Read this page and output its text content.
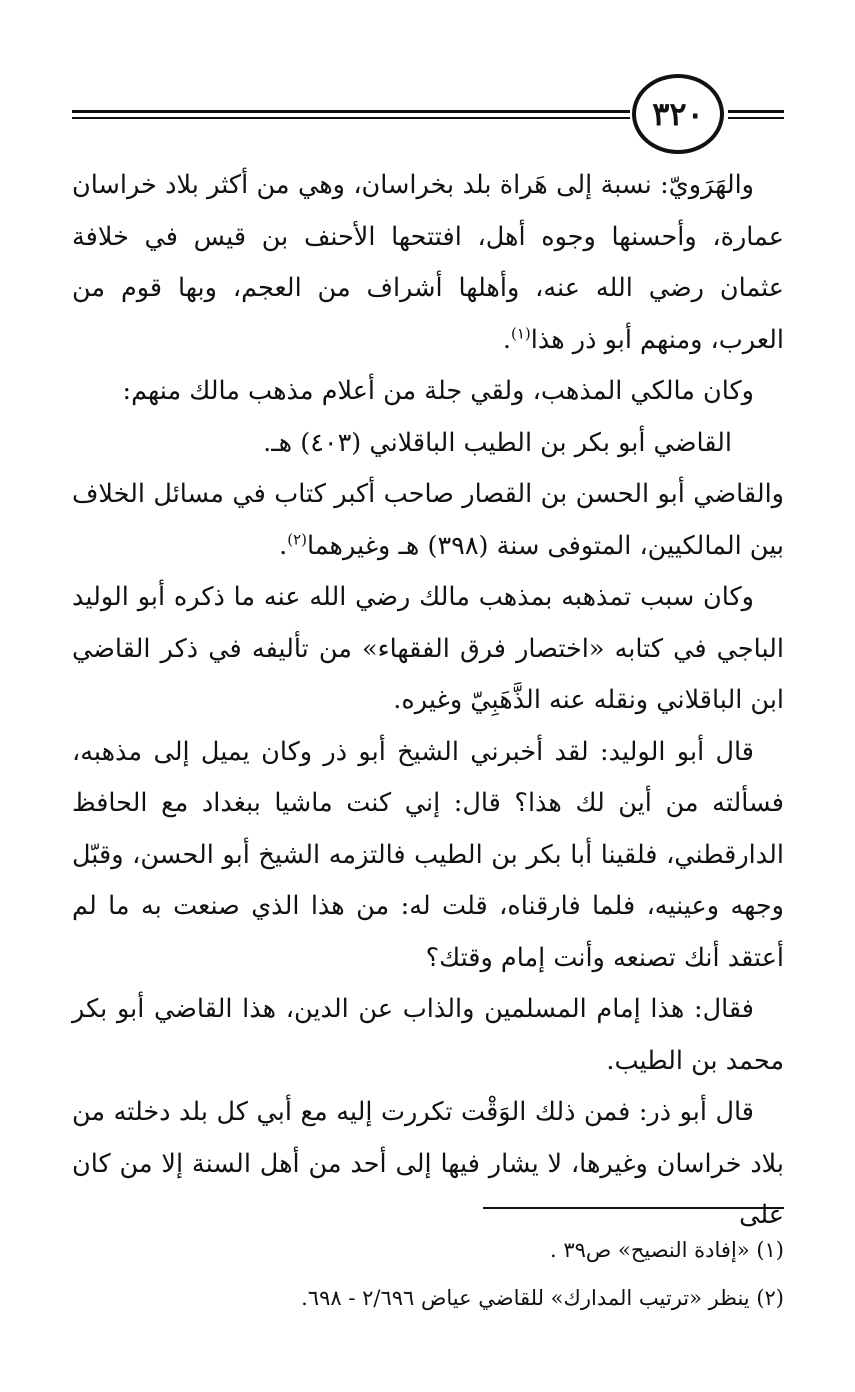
٣٢٠

والهَرَويّ: نسبة إلى هَراة بلد بخراسان، وهي من أكثر بلاد خراسان عمارة، وأحسنها وجوه أهل، افتتحها الأحنف بن قيس في خلافة عثمان رضي الله عنه، وأهلها أشراف من العجم، وبها قوم من العرب، ومنهم أبو ذر هذا$^{(١)}$.

وكان مالكي المذهب، ولقي جلة من أعلام مذهب مالك منهم:

القاضي أبو بكر بن الطيب الباقلاني (٤٠٣) هـ.

والقاضي أبو الحسن بن القصار صاحب أكبر كتاب في مسائل الخلاف بين المالكيين، المتوفى سنة (٣٩٨) هـ وغيرهما$^{(٢)}$.

وكان سبب تمذهبه بمذهب مالك رضي الله عنه ما ذكره أبو الوليد الباجي في كتابه «اختصار فرق الفقهاء» من تأليفه في ذكر القاضي ابن الباقلاني ونقله عنه الذَّهَبِيّ وغيره.

قال أبو الوليد: لقد أخبرني الشيخ أبو ذر وكان يميل إلى مذهبه، فسألته من أين لك هذا؟ قال: إني كنت ماشيا ببغداد مع الحافظ الدارقطني، فلقينا أبا بكر بن الطيب فالتزمه الشيخ أبو الحسن، وقبّل وجهه وعينيه، فلما فارقناه، قلت له: من هذا الذي صنعت به ما لم أعتقد أنك تصنعه وأنت إمام وقتك؟

فقال: هذا إمام المسلمين والذاب عن الدين، هذا القاضي أبو بكر محمد بن الطيب.

قال أبو ذر: فمن ذلك الوَقْت تكررت إليه مع أبي كل بلد دخلته من بلاد خراسان وغيرها، لا يشار فيها إلى أحد من أهل السنة إلا من كان على

(١) «إفادة النصيح» ص٣٩ .

(٢) ينظر «ترتيب المدارك» للقاضي عياض ٢/٦٩٦ - ٦٩٨.
